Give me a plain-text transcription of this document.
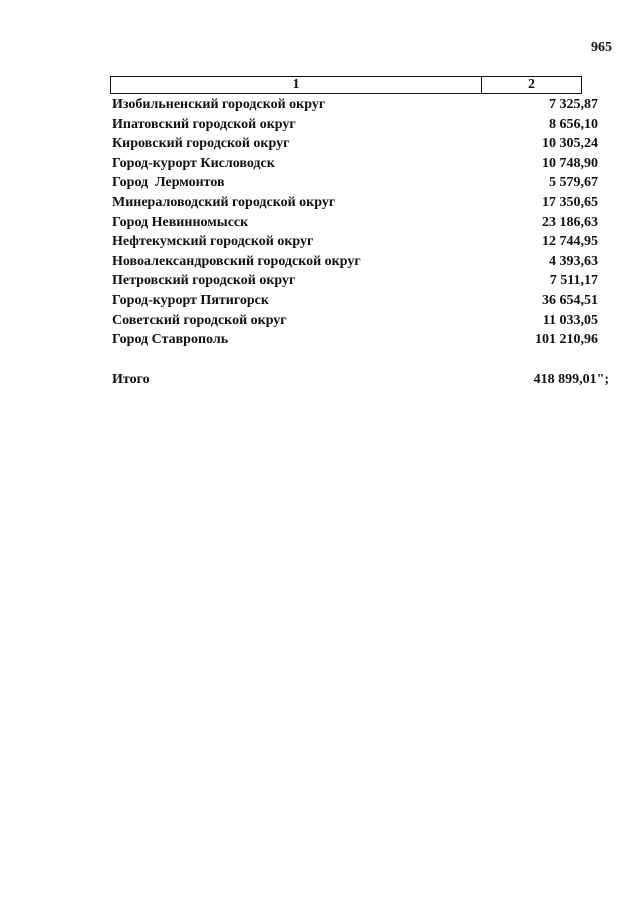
965
1	2
Изобильненский городской округ	7 325,87
Ипатовский городской округ	8 656,10
Кировский городской округ	10 305,24
Город-курорт Кисловодск	10 748,90
Город  Лермонтов	5 579,67
Минераловодский городской округ	17 350,65
Город Невинномысск	23 186,63
Нефтекумский городской округ	12 744,95
Новоалександровский городской округ	4 393,63
Петровский городской округ	7 511,17
Город-курорт Пятигорск	36 654,51
Советский городской округ	11 033,05
Город Ставрополь	101 210,96
Итого	418 899,01";
